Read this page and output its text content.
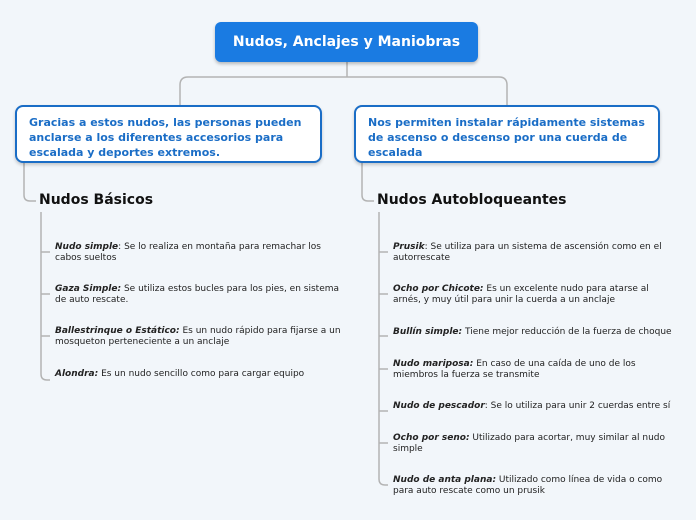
Nudos, Anclajes y Maniobras
Gracias a estos nudos, las personas pueden anclarse a los diferentes accesorios para escalada y deportes extremos.
Nos permiten instalar rápidamente sistemas de ascenso o descenso por una cuerda de escalada
Nudos Básicos	Nudos Autobloqueantes
Nudo simple: Se lo realiza en montaña para remachar los
cabos sueltos
Gaza Simple: Se utiliza estos bucles para los pies, en sistema
de auto rescate.
Ballestrinque o Estático: Es un nudo rápido para fijarse a un
mosqueton perteneciente a un anclaje
Alondra: Es un nudo sencillo como para cargar equipo
Prusik: Se utiliza para un sistema de ascensión como en el
autorrescate
Ocho por Chicote: Es un excelente nudo para atarse al
arnés, y muy útil para unir la cuerda a un anclaje
Bullín simple: Tiene mejor reducción de la fuerza de choque
Nudo mariposa: En caso de una caída de uno de los
miembros la fuerza se transmite
Nudo de pescador: Se lo utiliza para unir 2 cuerdas entre sí
Ocho por seno: Utilizado para acortar, muy similar al nudo
simple
Nudo de anta plana: Utilizado como línea de vida o como
para auto rescate como un prusik
